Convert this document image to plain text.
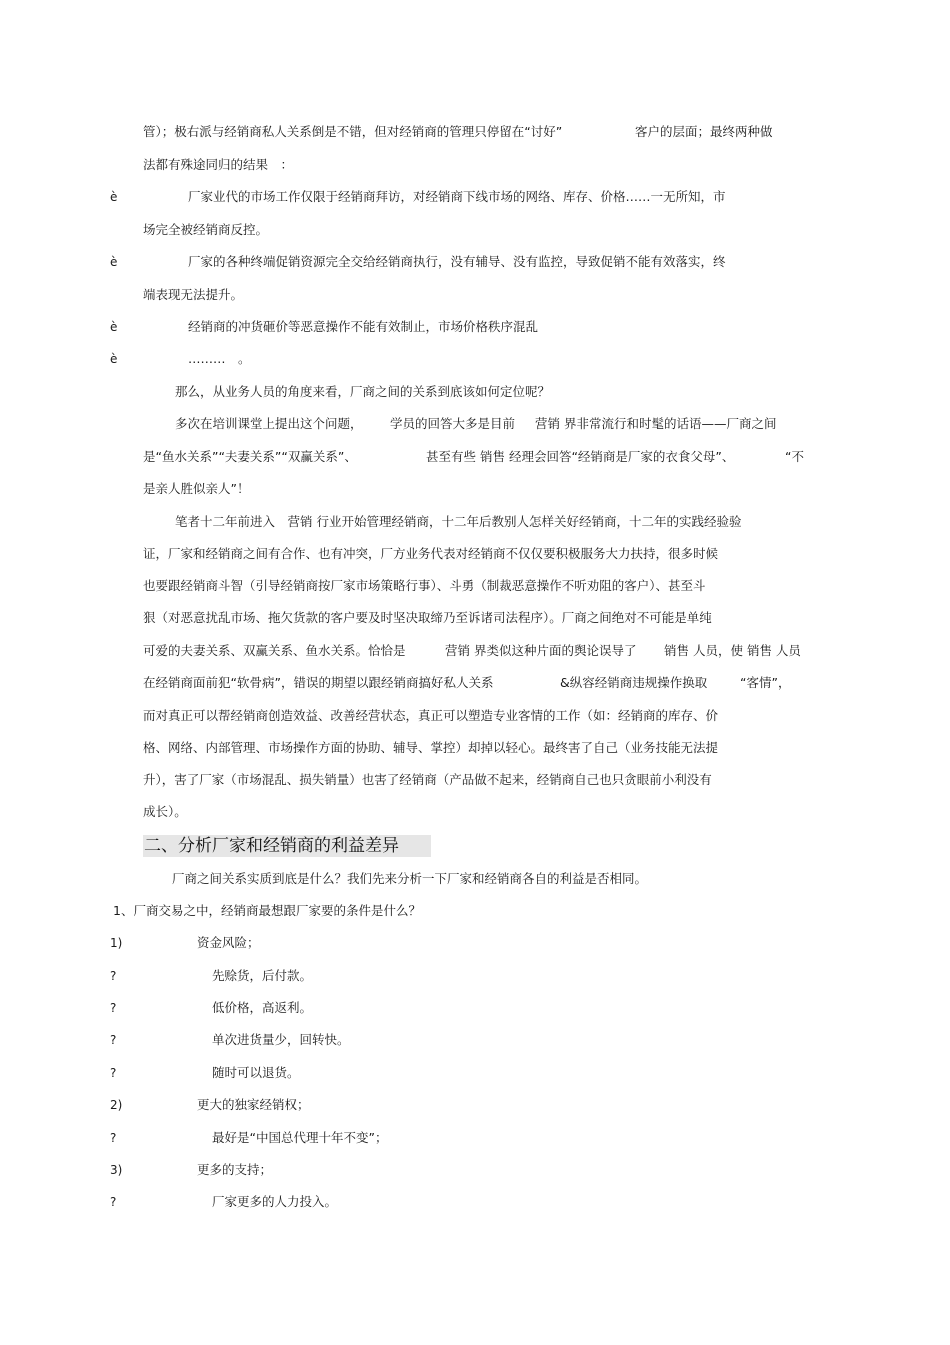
管）；极右派与经销商私人关系倒是不错，但对经销商的管理只停留在“讨好”	客户的层面；最终两种做
法都有殊途同归的结果　：
è	厂家业代的市场工作仅限于经销商拜访，对经销商下线市场的网络、库存、价格……一无所知，市
场完全被经销商反控。
è	厂家的各种终端促销资源完全交给经销商执行，没有辅导、没有监控，导致促销不能有效落实，终
端表现无法提升。
è	经销商的冲货砸价等恶意操作不能有效制止，市场价格秩序混乱
è	………　。
那么，从业务人员的角度来看，厂商之间的关系到底该如何定位呢？
多次在培训课堂上提出这个问题， 学员的回答大多是目前 营销 界非常流行和时髦的话语——厂商之间
是“鱼水关系”“夫妻关系”“双赢关系”、	甚至有些 销售 经理会回答“经销商是厂家的衣食父母”、	“不
是亲人胜似亲人”！
笔者十二年前进入　营销 行业开始管理经销商，十二年后教别人怎样关好经销商，十二年的实践经验验
证，厂家和经销商之间有合作、也有冲突，厂方业务代表对经销商不仅仅要积极服务大力扶持，很多时候
也要跟经销商斗智（引导经销商按厂家市场策略行事）、斗勇（制裁恶意操作不听劝阻的客户）、甚至斗
狠（对恶意扰乱市场、拖欠货款的客户要及时坚决取缔乃至诉诸司法程序）。厂商之间绝对不可能是单纯
可爱的夫妻关系、双赢关系、鱼水关系。恰恰是	营销 界类似这种片面的舆论误导了 销售 人员，使 销售 人员
在经销商面前犯“软骨病”，错误的期望以跟经销商搞好私人关系	&纵容经销商违规操作换取	“客情”，
而对真正可以帮经销商创造效益、改善经营状态，真正可以塑造专业客情的工作（如：经销商的库存、价
格、网络、内部管理、市场操作方面的协助、辅导、掌控）却掉以轻心。最终害了自己（业务技能无法提
升），害了厂家（市场混乱、损失销量）也害了经销商（产品做不起来，经销商自己也只贪眼前小利没有
成长）。
二、分析厂家和经销商的利益差异
厂商之间关系实质到底是什么？我们先来分析一下厂家和经销商各自的利益是否相同。
1、厂商交易之中，经销商最想跟厂家要的条件是什么？
1)	资金风险；
?	先赊货，后付款。
?	低价格，高返利。
?	单次进货量少，回转快。
?	随时可以退货。
2)	更大的独家经销权；
?	最好是“中国总代理十年不变”；
3)	更多的支持；
?	厂家更多的人力投入。
